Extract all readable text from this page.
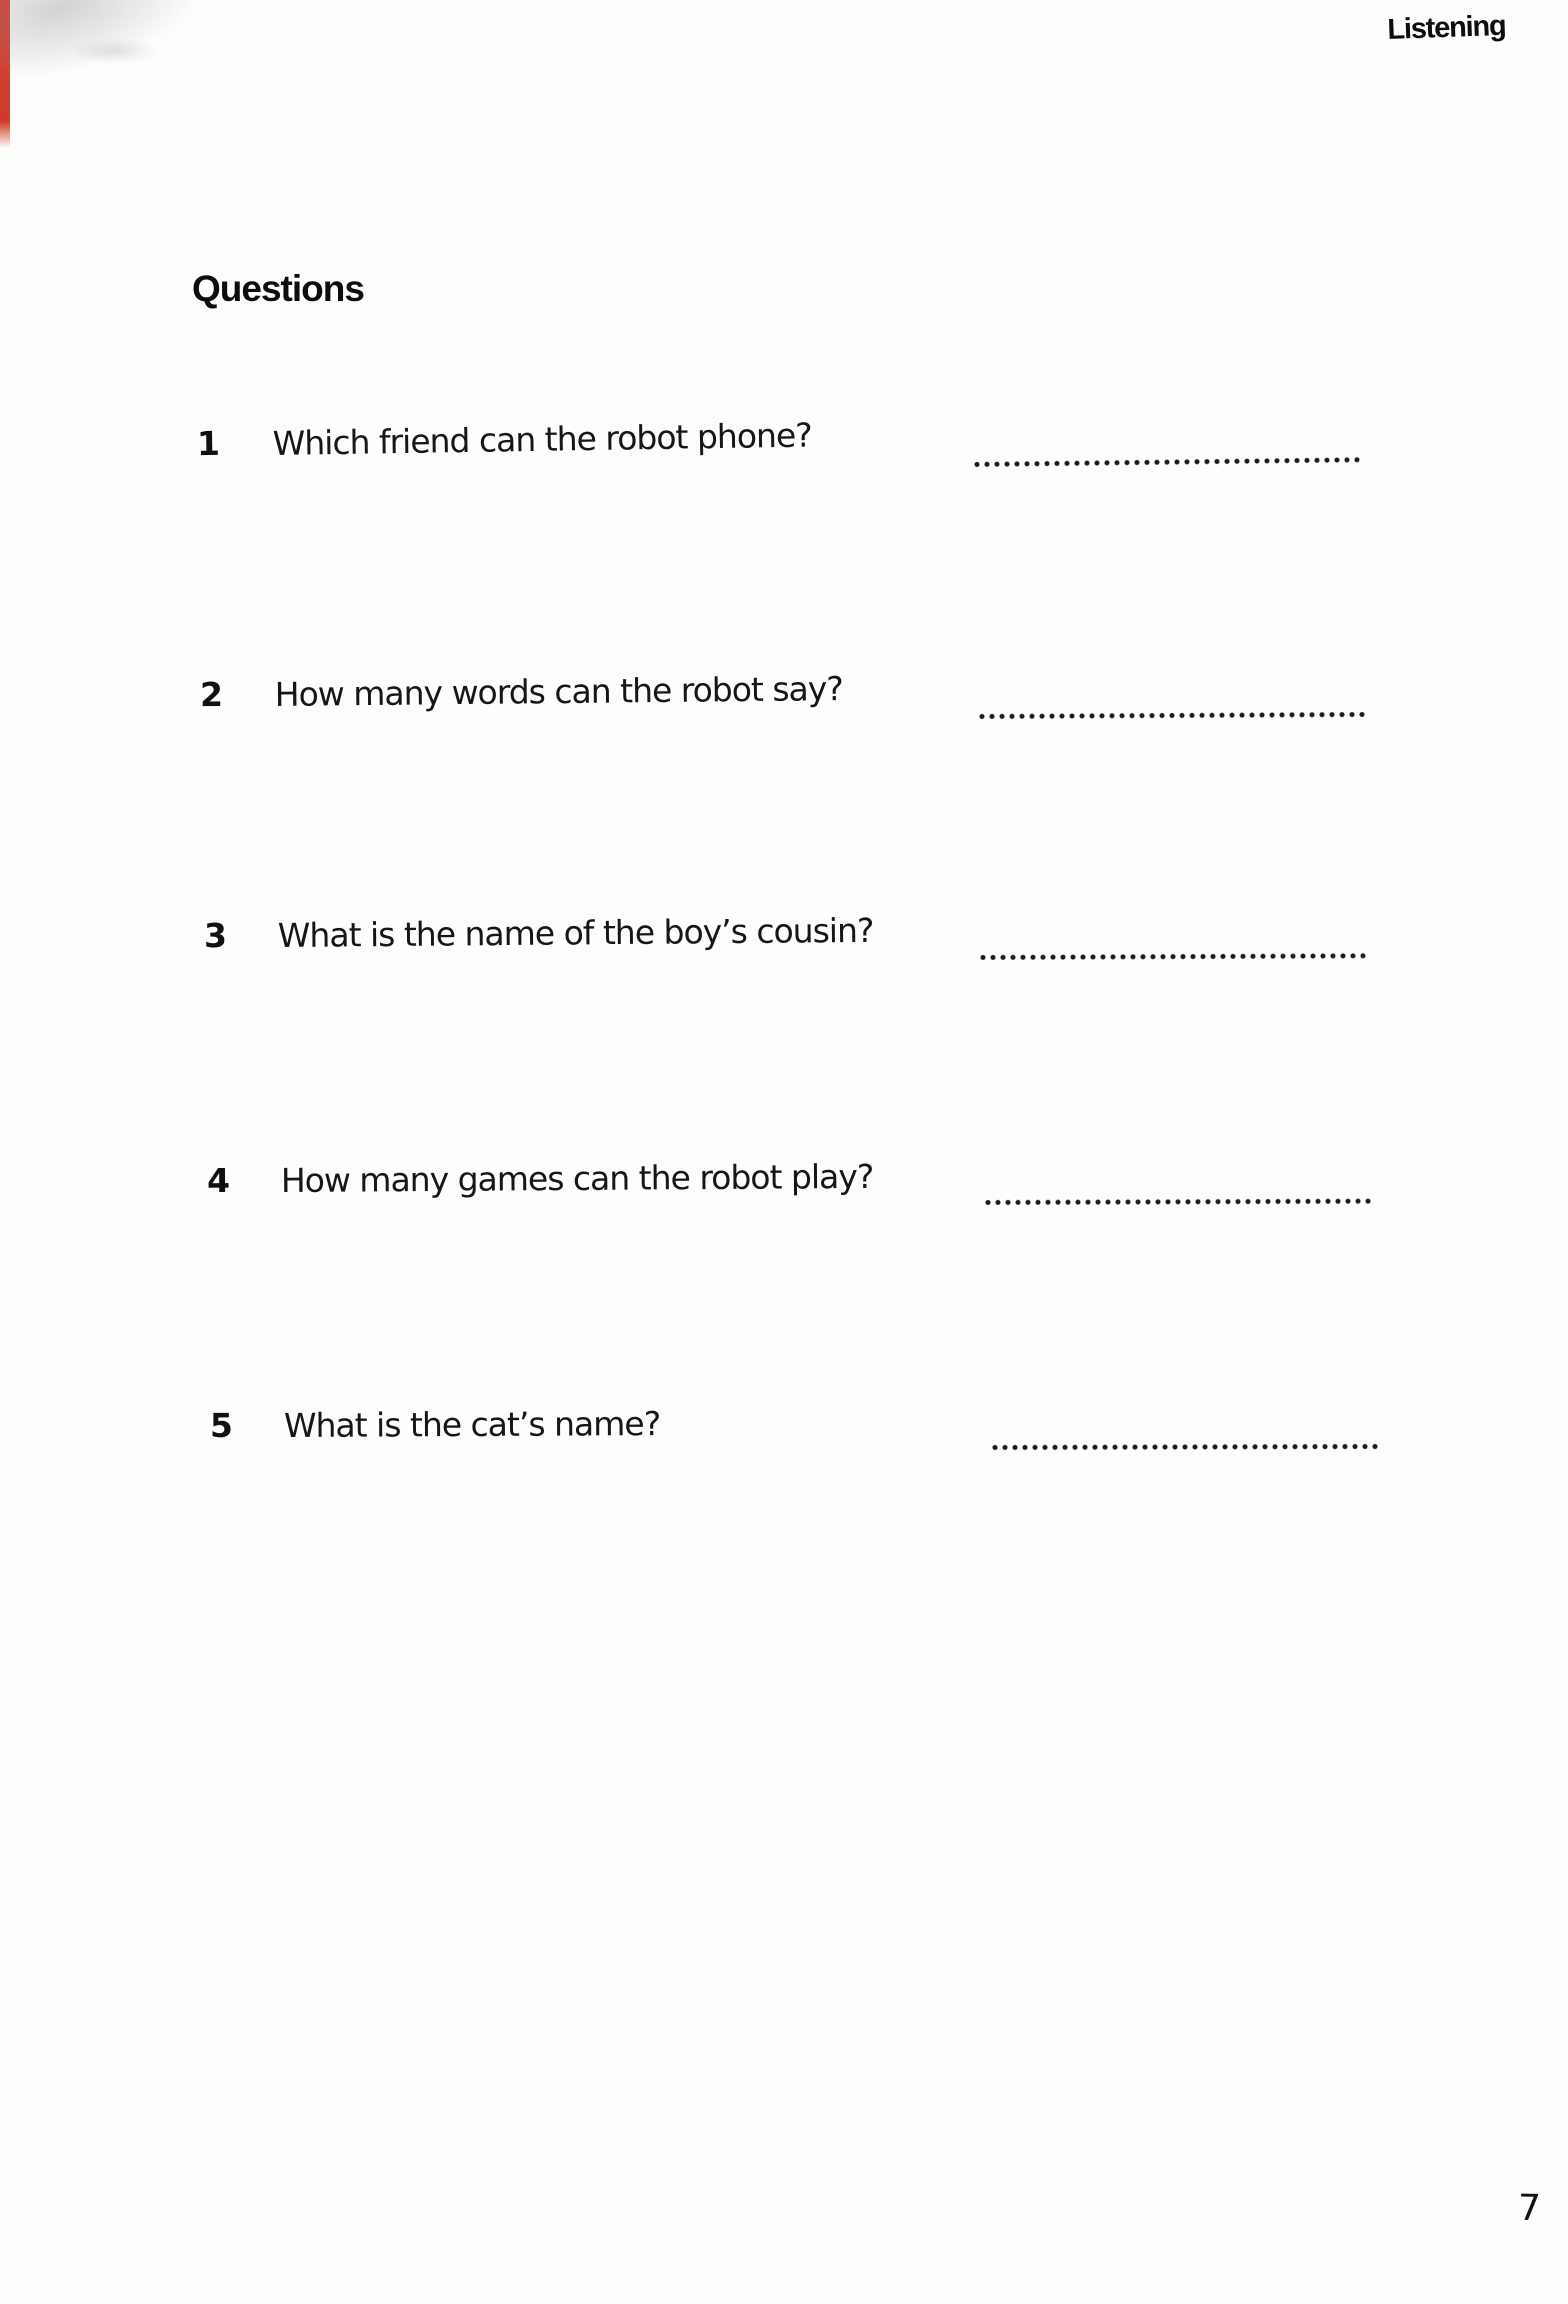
Listening
Questions
1 Which friend can the robot phone?
2 How many words can the robot say?
3 What is the name of the boy’s cousin?
4 How many games can the robot play?
5 What is the cat’s name?
7
